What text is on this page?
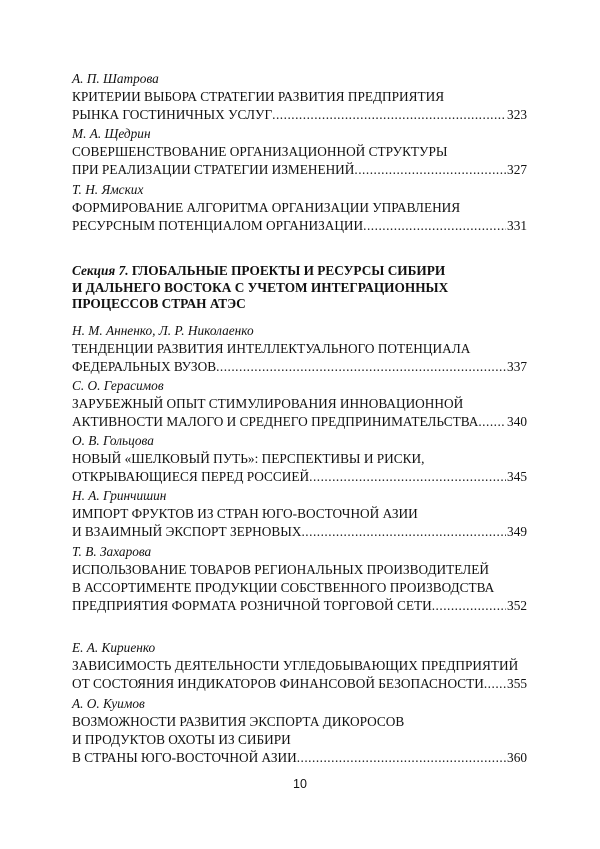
А. П. Шатрова
КРИТЕРИИ ВЫБОРА СТРАТЕГИИ РАЗВИТИЯ ПРЕДПРИЯТИЯ
РЫНКА ГОСТИНИЧНЫХ УСЛУГ .....	323
М. А. Щедрин
СОВЕРШЕНСТВОВАНИЕ ОРГАНИЗАЦИОННОЙ СТРУКТУРЫ
ПРИ РЕАЛИЗАЦИИ СТРАТЕГИИ ИЗМЕНЕНИЙ .....	327
Т. Н. Ямских
ФОРМИРОВАНИЕ АЛГОРИТМА ОРГАНИЗАЦИИ УПРАВЛЕНИЯ
РЕСУРСНЫМ ПОТЕНЦИАЛОМ ОРГАНИЗАЦИИ .....	331
Н. М. Анненко, Л. Р. Николаенко
ТЕНДЕНЦИИ РАЗВИТИЯ ИНТЕЛЛЕКТУАЛЬНОГО ПОТЕНЦИАЛА
ФЕДЕРАЛЬНЫХ ВУЗОВ .....	337
С. О. Герасимов
ЗАРУБЕЖНЫЙ ОПЫТ СТИМУЛИРОВАНИЯ ИННОВАЦИОННОЙ
АКТИВНОСТИ МАЛОГО И СРЕДНЕГО ПРЕДПРИНИМАТЕЛЬСТВА ..... 340
О. В. Гольцова
НОВЫЙ «ШЕЛКОВЫЙ ПУТЬ»: ПЕРСПЕКТИВЫ И РИСКИ,
ОТКРЫВАЮЩИЕСЯ ПЕРЕД РОССИЕЙ .....	345
Н. А. Гринчишин
ИМПОРТ ФРУКТОВ ИЗ СТРАН ЮГО-ВОСТОЧНОЙ АЗИИ
И ВЗАИМНЫЙ ЭКСПОРТ ЗЕРНОВЫХ .....	349
Т. В. Захарова
ИСПОЛЬЗОВАНИЕ ТОВАРОВ РЕГИОНАЛЬНЫХ ПРОИЗВОДИТЕЛЕЙ
В АССОРТИМЕНТЕ ПРОДУКЦИИ СОБСТВЕННОГО ПРОИЗВОДСТВА
ПРЕДПРИЯТИЯ ФОРМАТА РОЗНИЧНОЙ ТОРГОВОЙ СЕТИ .....	352
Е. А. Кириенко
ЗАВИСИМОСТЬ ДЕЯТЕЛЬНОСТИ УГЛЕДОБЫВАЮЩИХ ПРЕДПРИЯТИЙ
ОТ СОСТОЯНИЯ ИНДИКАТОРОВ ФИНАНСОВОЙ БЕЗОПАСНОСТИ ..... 355
А. О. Куимов
ВОЗМОЖНОСТИ РАЗВИТИЯ ЭКСПОРТА ДИКОРОСОВ
И ПРОДУКТОВ ОХОТЫ ИЗ СИБИРИ
В СТРАНЫ ЮГО-ВОСТОЧНОЙ АЗИИ .....	360
Секция 7. ГЛОБАЛЬНЫЕ ПРОЕКТЫ И РЕСУРСЫ СИБИРИ
И ДАЛЬНЕГО ВОСТОКА С УЧЕТОМ ИНТЕГРАЦИОННЫХ
ПРОЦЕССОВ СТРАН АТЭС
10
